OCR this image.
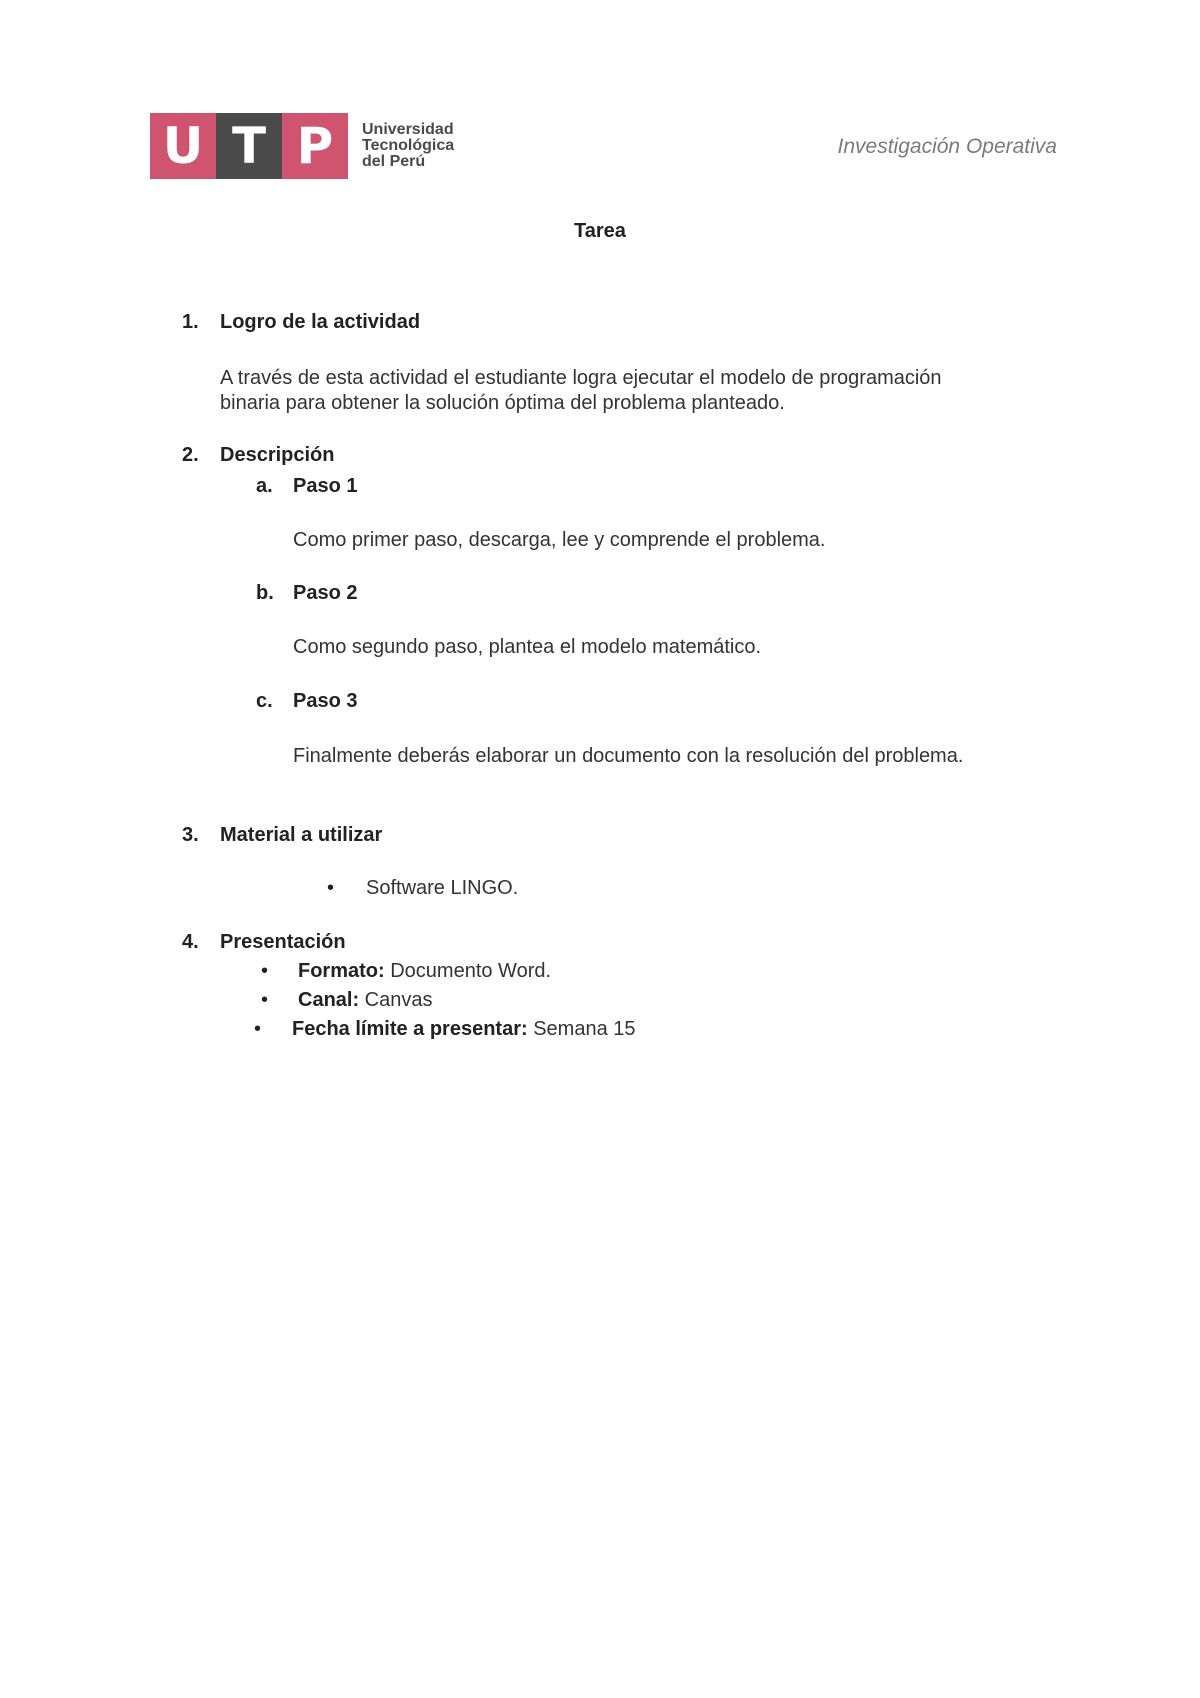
U T P	Universidad
Tecnológica
del Perú
Investigación Operativa
Tarea
1.	Logro de la actividad
A través de esta actividad el estudiante logra ejecutar el modelo de programación
binaria para obtener la solución óptima del problema planteado.
2.	Descripción
a. Paso 1
Como primer paso, descarga, lee y comprende el problema.
b. Paso 2
Como segundo paso, plantea el modelo matemático.
c. Paso 3
Finalmente deberás elaborar un documento con la resolución del problema.
3.	Material a utilizar
• Software LINGO.
4.	Presentación
• Formato: Documento Word.
• Canal: Canvas
• Fecha límite a presentar: Semana 15
